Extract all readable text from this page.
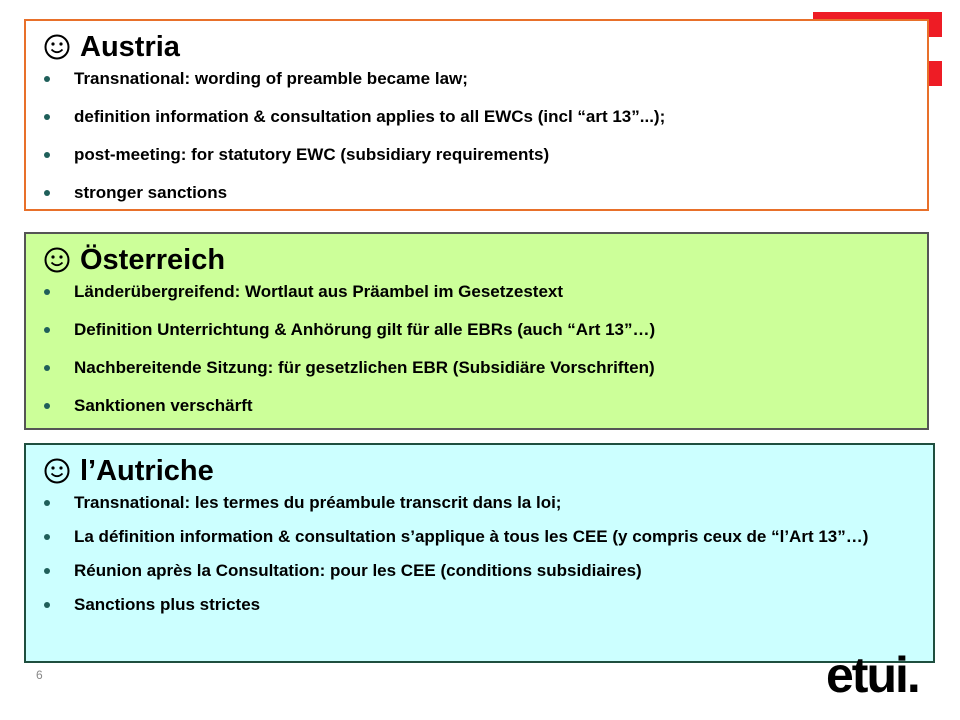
Austria
Transnational: wording of preamble became law;
definition information & consultation applies to all EWCs (incl “art 13”...);
post-meeting: for statutory EWC (subsidiary requirements)
stronger sanctions
Österreich
Länderübergreifend: Wortlaut aus Präambel im Gesetzestext
Definition Unterrichtung & Anhörung gilt für alle EBRs (auch “Art 13”…)
Nachbereitende Sitzung: für gesetzlichen EBR (Subsidiäre Vorschriften)
Sanktionen verschärft
l’Autriche
Transnational: les termes du préambule transcrit dans la loi;
La définition information & consultation s’applique à tous les CEE (y compris ceux de “l’Art 13”…)
Réunion après la Consultation: pour les CEE (conditions subsidiaires)
Sanctions plus strictes
6	etui.
